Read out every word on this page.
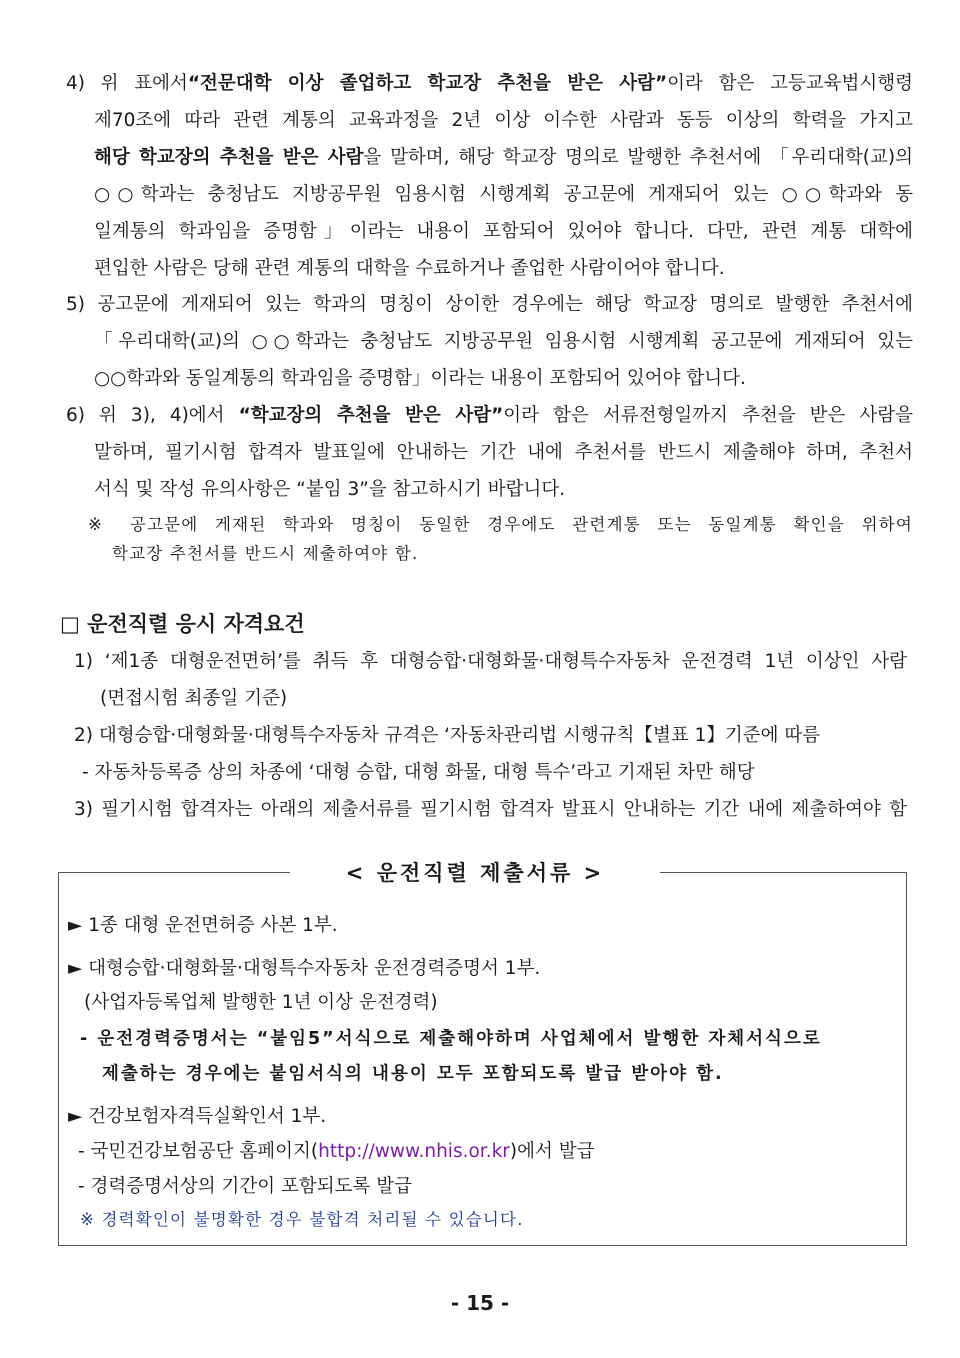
4) 위 표에서“전문대학 이상 졸업하고 학교장 추천을 받은 사람”이라 함은 고등교육법시행령
제70조에 따라 관련 계통의 교육과정을 2년 이상 이수한 사람과 동등 이상의 학력을 가지고
해당 학교장의 추천을 받은 사람을 말하며, 해당 학교장 명의로 발행한 추천서에 「우리대학(교)의
○○학과는 충청남도 지방공무원 임용시험 시행계획 공고문에 게재되어 있는 ○○학과와 동
일계통의 학과임을 증명함」이라는 내용이 포함되어 있어야 합니다. 다만, 관련 계통 대학에
편입한 사람은 당해 관련 계통의 대학을 수료하거나 졸업한 사람이어야 합니다.
5) 공고문에 게재되어 있는 학과의 명칭이 상이한 경우에는 해당 학교장 명의로 발행한 추천서에
「우리대학(교)의 ○○학과는 충청남도 지방공무원 임용시험 시행계획 공고문에 게재되어 있는
○○학과와 동일계통의 학과임을 증명함」이라는 내용이 포함되어 있어야 합니다.
6) 위 3), 4)에서 “학교장의 추천을 받은 사람”이라 함은 서류전형일까지 추천을 받은 사람을
말하며, 필기시험 합격자 발표일에 안내하는 기간 내에 추천서를 반드시 제출해야 하며, 추천서
서식 및 작성 유의사항은 “붙임 3”을 참고하시기 바랍니다.
※ 공고문에 게재된 학과와 명칭이 동일한 경우에도 관련계통 또는 동일계통 확인을 위하여
학교장 추천서를 반드시 제출하여야 함.
□ 운전직렬 응시 자격요건
1) ‘제1종 대형운전면허’를 취득 후 대형승합·대형화물·대형특수자동차 운전경력 1년 이상인 사람
(면접시험 최종일 기준)
2) 대형승합·대형화물·대형특수자동차 규격은 ‘자동차관리법 시행규칙【별표 1】기준에 따름
- 자동차등록증 상의 차종에 ‘대형 승합, 대형 화물, 대형 특수’라고 기재된 차만 해당
3) 필기시험 합격자는 아래의 제출서류를 필기시험 합격자 발표시 안내하는 기간 내에 제출하여야 함
< 운전직렬 제출서류 >
► 1종 대형 운전면허증 사본 1부.
► 대형승합·대형화물·대형특수자동차 운전경력증명서 1부.
(사업자등록업체 발행한 1년 이상 운전경력)
- 운전경력증명서는 “붙임5”서식으로 제출해야하며 사업체에서 발행한 자체서식으로
제출하는 경우에는 붙임서식의 내용이 모두 포함되도록 발급 받아야 함.
► 건강보험자격득실확인서 1부.
- 국민건강보험공단 홈페이지(http://www.nhis.or.kr)에서 발급
- 경력증명서상의 기간이 포함되도록 발급
※ 경력확인이 불명확한 경우 불합격 처리될 수 있습니다.
- 15 -
